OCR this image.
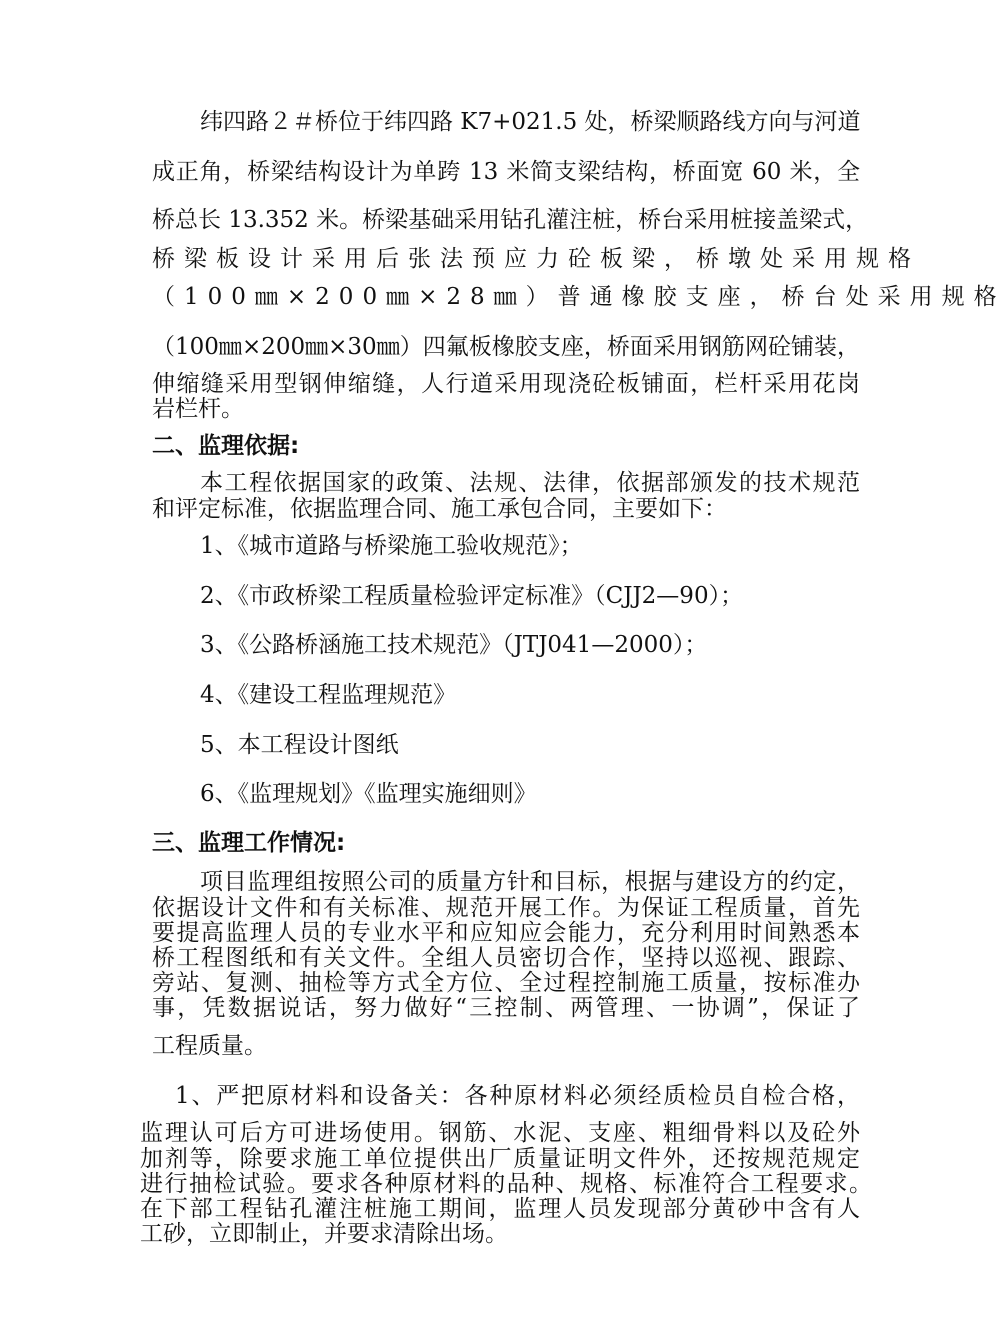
纬四路２＃桥位于纬四路 K7+021.5 处，桥梁顺路线方向与河道
成正角，桥梁结构设计为单跨 13 米简支梁结构，桥面宽 60 米，全
桥总长 13.352 米。桥梁基础采用钻孔灌注桩，桥台采用桩接盖梁式，
桥梁板设计采用后张法预应力砼板梁，桥墩处采用规格
（100㎜×200㎜×28㎜）普通橡胶支座，桥台处采用规格
（100㎜×200㎜×30㎜）四氟板橡胶支座，桥面采用钢筋网砼铺装，
伸缩缝采用型钢伸缩缝，人行道采用现浇砼板铺面，栏杆采用花岗
岩栏杆。
二、监理依据:
本工程依据国家的政策、法规、法律，依据部颁发的技术规范
和评定标准，依据监理合同、施工承包合同，主要如下：
1、《城市道路与桥梁施工验收规范》；
2、《市政桥梁工程质量检验评定标准》（CJJ2—90）；
3、《公路桥涵施工技术规范》（JTJ041—2000）；
4、《建设工程监理规范》
5、本工程设计图纸
6、《监理规划》《监理实施细则》
三、监理工作情况:
项目监理组按照公司的质量方针和目标，根据与建设方的约定，
依据设计文件和有关标准、规范开展工作。为保证工程质量，首先
要提高监理人员的专业水平和应知应会能力，充分利用时间熟悉本
桥工程图纸和有关文件。全组人员密切合作，坚持以巡视、跟踪、
旁站、复测、抽检等方式全方位、全过程控制施工质量，按标准办
事，凭数据说话，努力做好“三控制、两管理、一协调”，保证了
工程质量。
1、严把原材料和设备关：各种原材料必须经质检员自检合格，
监理认可后方可进场使用。钢筋、水泥、支座、粗细骨料以及砼外
加剂等，除要求施工单位提供出厂质量证明文件外，还按规范规定
进行抽检试验。要求各种原材料的品种、规格、标准符合工程要求。
在下部工程钻孔灌注桩施工期间，监理人员发现部分黄砂中含有人
工砂，立即制止，并要求清除出场。
